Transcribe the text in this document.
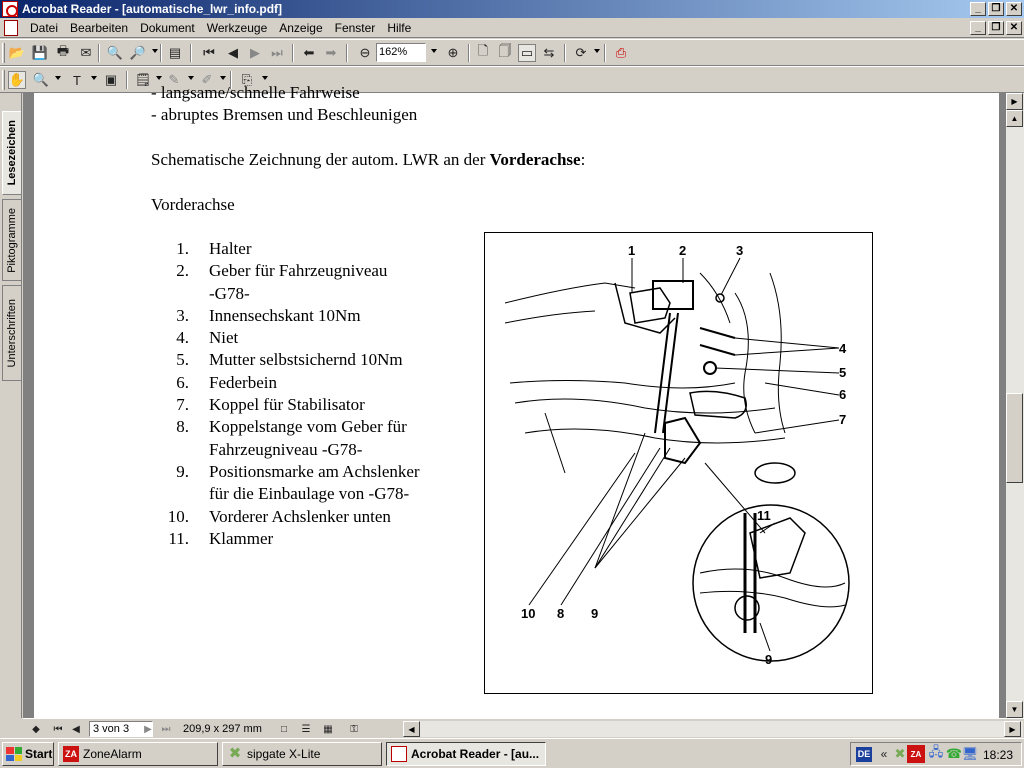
Acrobat Reader - [automatische_lwr_info.pdf]	_	❐ ✕
Datei	Bearbeiten	Dokument	Werkzeuge	Anzeige	Fenster	Hilfe	_	❐ ✕
📂 💾 🖶 ✉ 🔍 🔎 ▤ ⏮	◀ ▶ ⏭ ⬅ ➡ ⊖ 162%	⊕ 🗋 🗍 ▭ ⇆ ⟳ ⎙
✋ 🔍	T	▣ 🗒 ✎ ✐ ⎘
Lesezeichen
Piktogramme
Unterschriften
- langsame/schnelle Fahrweise
- abruptes Bremsen und Beschleunigen
Schematische Zeichnung der autom. LWR an der Vorderachse:
Vorderachse
1.	Halter
2.	Geber für Fahrzeugniveau
-G78-
3.	Innensechskant 10Nm
4.	Niet
5.	Mutter selbstsichernd 10Nm
6.	Federbein
7.	Koppel für Stabilisator
8.	Koppelstange vom Geber für
Fahrzeugniveau -G78-
9.	Positionsmarke am Achslenker
für die Einbaulage von -G78-
10.	Vorderer Achslenker unten
11.	Klammer
1	2	3
4
5
6
7
10 8 9
11
9
▶
▲
▼
◆	⏮ ◀	3 von 3	▶ ⏭	209,9 x 297 mm	□	☰	▦	⚿	◀	▶
Start ZA ZoneAlarm	✖ sipgate X-Lite	Acrobat Reader - [au...	DE « ✖ ZA 🖧 ☎ 🖥 18:23
